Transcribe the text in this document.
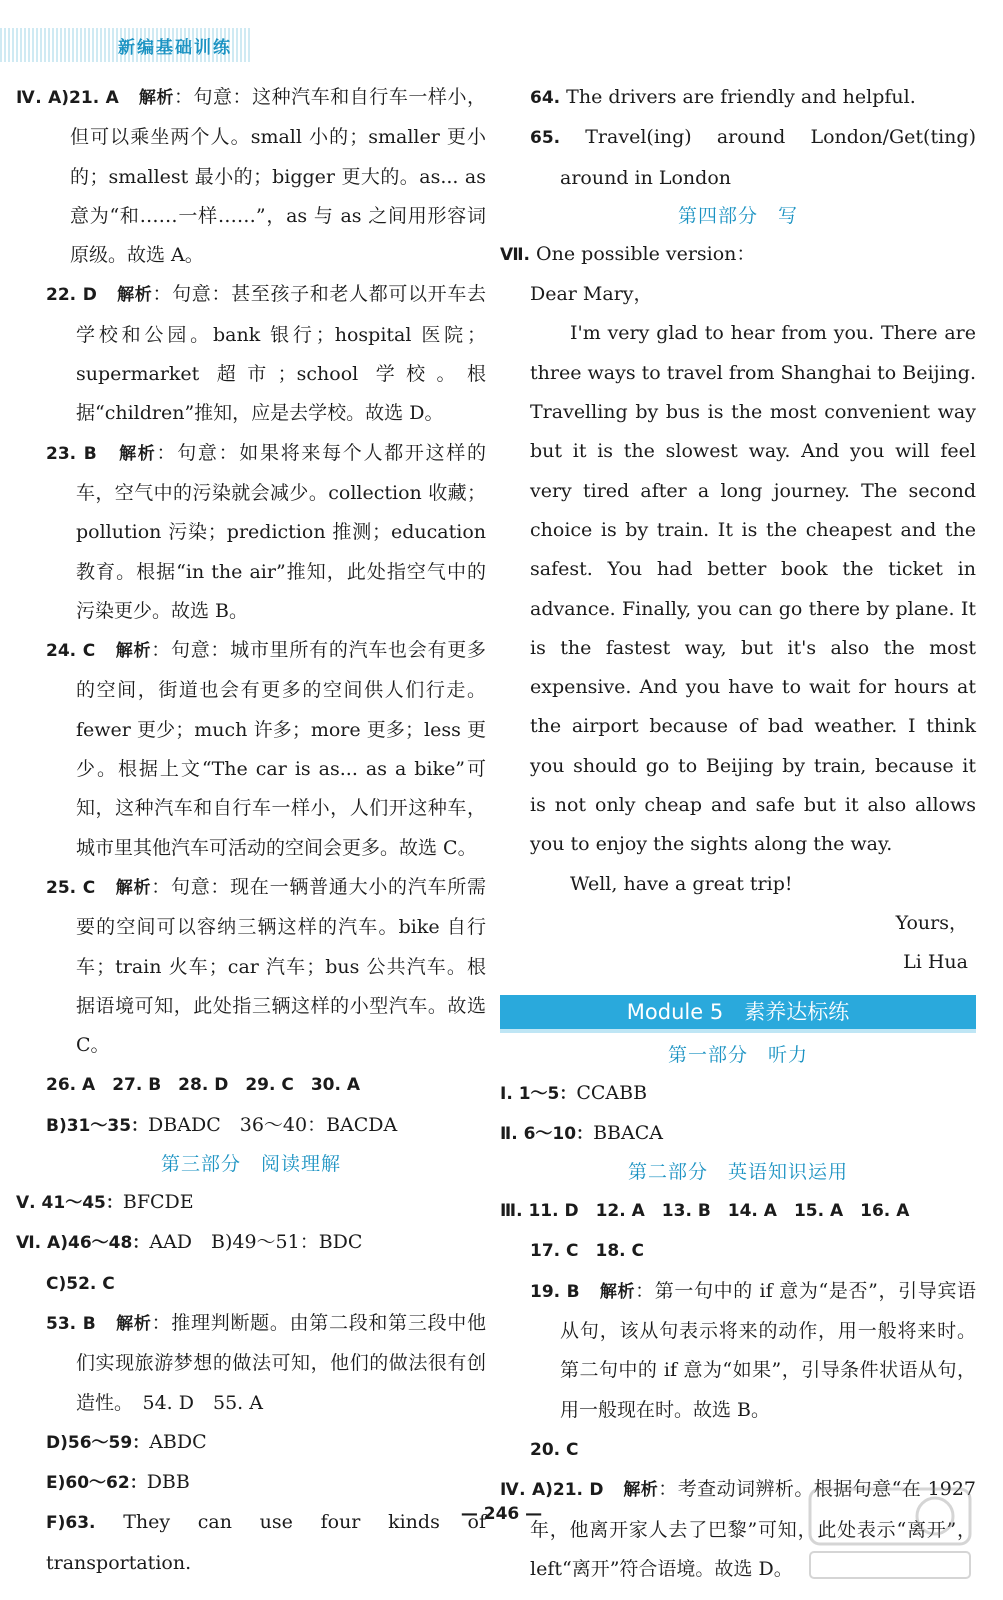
新编基础训练

Ⅳ. A)21. A　 解析：句意：这种汽车和自行车一样小，但可以乘坐两个人。small 小的；smaller 更小的；smallest 最小的；bigger 更大的。as... as 意为“和……一样……”，as 与 as 之间用形容词原级。故选 A。

22. D　 解析：句意：甚至孩子和老人都可以开车去学校和公园。bank 银行；hospital 医院；supermarket 超市；school 学校。根据“children”推知，应是去学校。故选 D。

23. B　 解析：句意：如果将来每个人都开这样的车，空气中的污染就会减少。collection 收藏；pollution 污染；prediction 推测；education 教育。根据“in the air”推知，此处指空气中的污染更少。故选 B。

24. C　 解析：句意：城市里所有的汽车也会有更多的空间，街道也会有更多的空间供人们行走。fewer 更少；much 许多；more 更多；less 更少。根据上文“The car is as... as a bike”可知，这种汽车和自行车一样小，人们开这种车，城市里其他汽车可活动的空间会更多。故选 C。

25. C　 解析：句意：现在一辆普通大小的汽车所需要的空间可以容纳三辆这样的汽车。bike 自行车；train 火车；car 汽车；bus 公共汽车。根据语境可知，此处指三辆这样的小型汽车。故选 C。

26. A　27. B　28. D　29. C　30. A

B)31～35：DBADC　36～40：BACDA

第三部分　阅读理解

Ⅴ. 41～45：BFCDE

Ⅵ. A)46～48：AAD　B)49～51：BDC

C)52. C

53. B　 解析：推理判断题。由第二段和第三段中他们实现旅游梦想的做法可知，他们的做法很有创造性。　54. D　55. A

D)56～59：ABDC

E)60～62：DBB

F)63. They can use four kinds of transportation.

64. The drivers are friendly and helpful.

65. Travel(ing) around London/Get(ting) around in London

第四部分　写

Ⅶ. One possible version：

Dear Mary，

I'm very glad to hear from you. There are three ways to travel from Shanghai to Beijing. Travelling by bus is the most convenient way but it is the slowest way. And you will feel very tired after a long journey. The second choice is by train. It is the cheapest and the safest. You had better book the ticket in advance. Finally, you can go there by plane. It is the fastest way, but it's also the most expensive. And you have to wait for hours at the airport because of bad weather. I think you should go to Beijing by train, because it is not only cheap and safe but it also allows you to enjoy the sights along the way.

Well, have a great trip!

Yours，

Li Hua

Module 5　素养达标练

第一部分　听力

Ⅰ. 1～5：CCABB

Ⅱ. 6～10：BBACA

第二部分　英语知识运用

Ⅲ. 11. D　12. A　13. B　14. A　15. A　16. A

17. C　18. C

19. B　 解析：第一句中的 if 意为“是否”，引导宾语从句，该从句表示将来的动作，用一般将来时。第二句中的 if 意为“如果”，引导条件状语从句，用一般现在时。故选 B。

20. C

Ⅳ. A)21. D　 解析：考查动词辨析。根据句意“在 1927 年，他离开家人去了巴黎”可知，此处表示“离开”，left“离开”符合语境。故选 D。

— 246 —
